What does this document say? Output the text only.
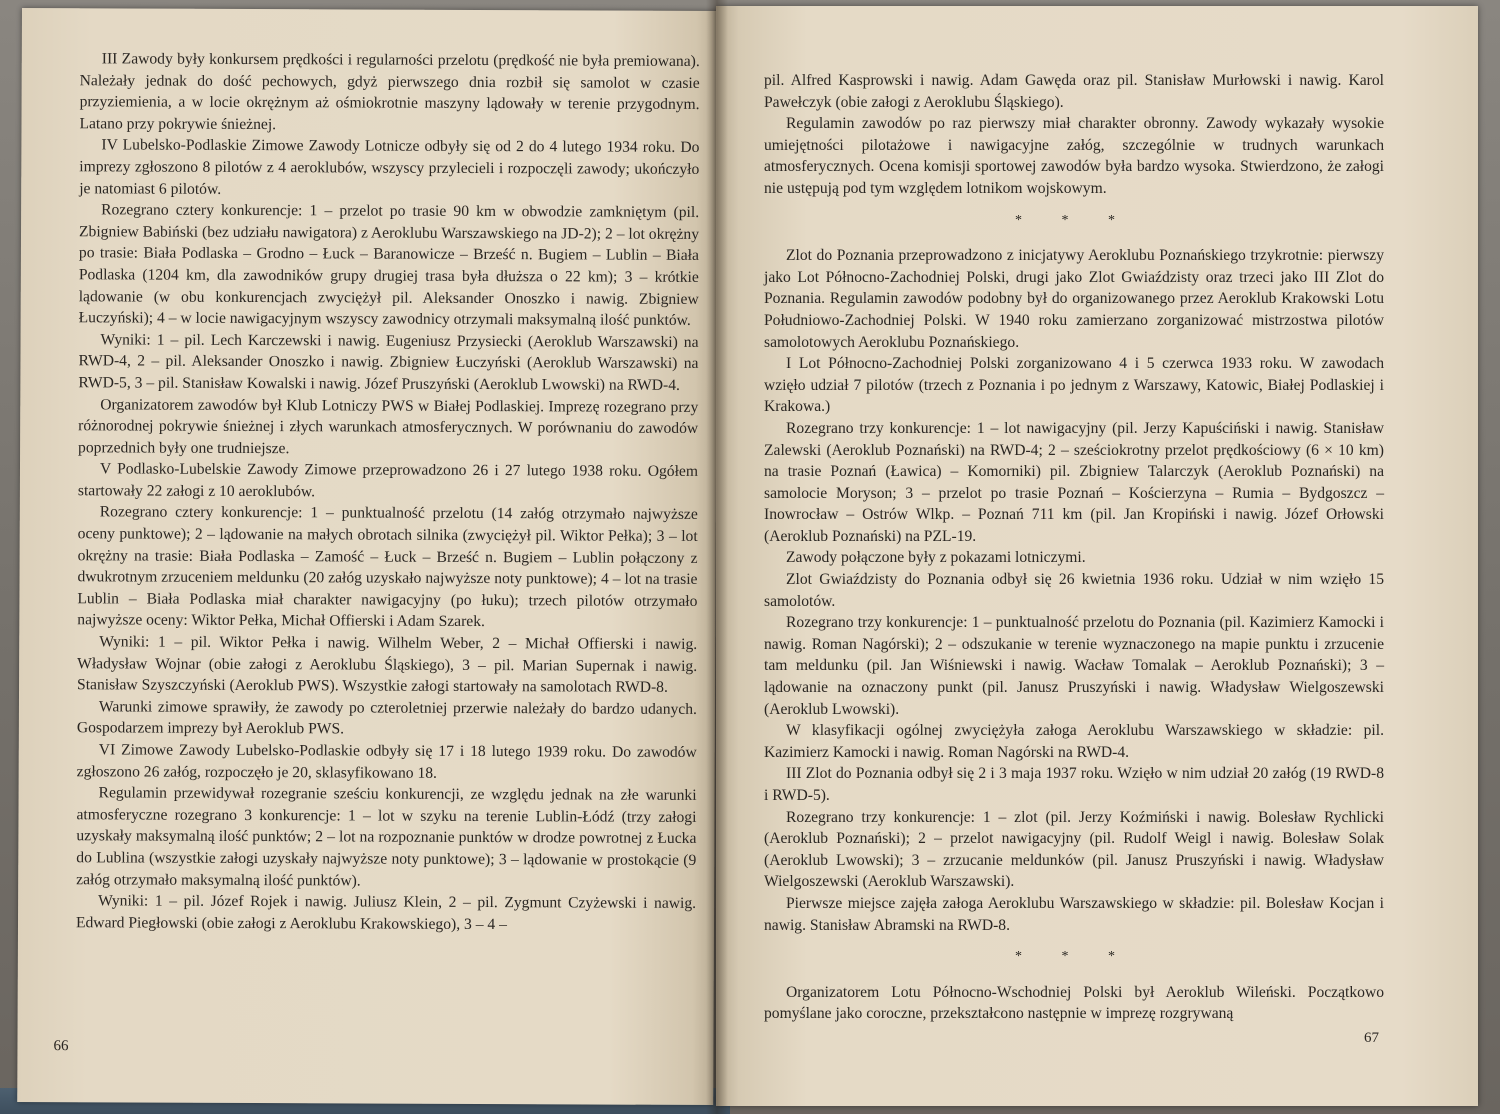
III Zawody były konkursem prędkości i regularności przelotu (prędkość nie była premiowana). Należały jednak do dość pechowych, gdyż pierwszego dnia rozbił się samolot w czasie przyziemienia, a w locie okrężnym aż ośmiokrotnie maszyny lądowały w terenie przygodnym. Latano przy pokrywie śnieżnej.

IV Lubelsko-Podlaskie Zimowe Zawody Lotnicze odbyły się od 2 do 4 lutego 1934 roku. Do imprezy zgłoszono 8 pilotów z 4 aeroklubów, wszyscy przylecieli i rozpoczęli zawody; ukończyło je natomiast 6 pilotów.

Rozegrano cztery konkurencje: 1 – przelot po trasie 90 km w obwodzie zamkniętym (pil. Zbigniew Babiński (bez udziału nawigatora) z Aeroklubu Warszawskiego na JD-2); 2 – lot okrężny po trasie: Biała Podlaska – Grodno – Łuck – Baranowicze – Brześć n. Bugiem – Lublin – Biała Podlaska (1204 km, dla zawodników grupy drugiej trasa była dłuższa o 22 km); 3 – krótkie lądowanie (w obu konkurencjach zwyciężył pil. Aleksander Onoszko i nawig. Zbigniew Łuczyński); 4 – w locie nawigacyjnym wszyscy zawodnicy otrzymali maksymalną ilość punktów.

Wyniki: 1 – pil. Lech Karczewski i nawig. Eugeniusz Przysiecki (Aeroklub Warszawski) na RWD-4, 2 – pil. Aleksander Onoszko i nawig. Zbigniew Łuczyński (Aeroklub Warszawski) na RWD-5, 3 – pil. Stanisław Kowalski i nawig. Józef Pruszyński (Aeroklub Lwowski) na RWD-4.

Organizatorem zawodów był Klub Lotniczy PWS w Białej Podlaskiej. Imprezę rozegrano przy różnorodnej pokrywie śnieżnej i złych warunkach atmosferycznych. W porównaniu do zawodów poprzednich były one trudniejsze.

V Podlasko-Lubelskie Zawody Zimowe przeprowadzono 26 i 27 lutego 1938 roku. Ogółem startowały 22 załogi z 10 aeroklubów.

Rozegrano cztery konkurencje: 1 – punktualność przelotu (14 załóg otrzymało najwyższe oceny punktowe); 2 – lądowanie na małych obrotach silnika (zwyciężył pil. Wiktor Pełka); 3 – lot okrężny na trasie: Biała Podlaska – Zamość – Łuck – Brześć n. Bugiem – Lublin połączony z dwukrotnym zrzuceniem meldunku (20 załóg uzyskało najwyższe noty punktowe); 4 – lot na trasie Lublin – Biała Podlaska miał charakter nawigacyjny (po łuku); trzech pilotów otrzymało najwyższe oceny: Wiktor Pełka, Michał Offierski i Adam Szarek.

Wyniki: 1 – pil. Wiktor Pełka i nawig. Wilhelm Weber, 2 – Michał Offierski i nawig. Władysław Wojnar (obie załogi z Aeroklubu Śląskiego), 3 – pil. Marian Supernak i nawig. Stanisław Szyszczyński (Aeroklub PWS). Wszystkie załogi startowały na samolotach RWD-8.

Warunki zimowe sprawiły, że zawody po czteroletniej przerwie należały do bardzo udanych. Gospodarzem imprezy był Aeroklub PWS.

VI Zimowe Zawody Lubelsko-Podlaskie odbyły się 17 i 18 lutego 1939 roku. Do zawodów zgłoszono 26 załóg, rozpoczęło je 20, sklasyfikowano 18.

Regulamin przewidywał rozegranie sześciu konkurencji, ze względu jednak na złe warunki atmosferyczne rozegrano 3 konkurencje: 1 – lot w szyku na terenie Lublin-Łódź (trzy załogi uzyskały maksymalną ilość punktów; 2 – lot na rozpoznanie punktów w drodze powrotnej z Łucka do Lublina (wszystkie załogi uzyskały najwyższe noty punktowe); 3 – lądowanie w prostokącie (9 załóg otrzymało maksymalną ilość punktów).

Wyniki: 1 – pil. Józef Rojek i nawig. Juliusz Klein, 2 – pil. Zygmunt Czyżewski i nawig. Edward Piegłowski (obie załogi z Aeroklubu Krakowskiego), 3 – 4 –

66

pil. Alfred Kasprowski i nawig. Adam Gawęda oraz pil. Stanisław Murłowski i nawig. Karol Pawełczyk (obie załogi z Aeroklubu Śląskiego).

Regulamin zawodów po raz pierwszy miał charakter obronny. Zawody wykazały wysokie umiejętności pilotażowe i nawigacyjne załóg, szczególnie w trudnych warunkach atmosferycznych. Ocena komisji sportowej zawodów była bardzo wysoka. Stwierdzono, że załogi nie ustępują pod tym względem lotnikom wojskowym.

* * *

Zlot do Poznania przeprowadzono z inicjatywy Aeroklubu Poznańskiego trzykrotnie: pierwszy jako Lot Północno-Zachodniej Polski, drugi jako Zlot Gwiaździsty oraz trzeci jako III Zlot do Poznania. Regulamin zawodów podobny był do organizowanego przez Aeroklub Krakowski Lotu Południowo-Zachodniej Polski. W 1940 roku zamierzano zorganizować mistrzostwa pilotów samolotowych Aeroklubu Poznańskiego.

I Lot Północno-Zachodniej Polski zorganizowano 4 i 5 czerwca 1933 roku. W zawodach wzięło udział 7 pilotów (trzech z Poznania i po jednym z Warszawy, Katowic, Białej Podlaskiej i Krakowa.)

Rozegrano trzy konkurencje: 1 – lot nawigacyjny (pil. Jerzy Kapuściński i nawig. Stanisław Zalewski (Aeroklub Poznański) na RWD-4; 2 – sześciokrotny przelot prędkościowy (6 × 10 km) na trasie Poznań (Ławica) – Komorniki) pil. Zbigniew Talarczyk (Aeroklub Poznański) na samolocie Moryson; 3 – przelot po trasie Poznań – Kościerzyna – Rumia – Bydgoszcz – Inowrocław – Ostrów Wlkp. – Poznań 711 km (pil. Jan Kropiński i nawig. Józef Orłowski (Aeroklub Poznański) na PZL-19.

Zawody połączone były z pokazami lotniczymi.

Zlot Gwiaździsty do Poznania odbył się 26 kwietnia 1936 roku. Udział w nim wzięło 15 samolotów.

Rozegrano trzy konkurencje: 1 – punktualność przelotu do Poznania (pil. Kazimierz Kamocki i nawig. Roman Nagórski); 2 – odszukanie w terenie wyznaczonego na mapie punktu i zrzucenie tam meldunku (pil. Jan Wiśniewski i nawig. Wacław Tomalak – Aeroklub Poznański); 3 – lądowanie na oznaczony punkt (pil. Janusz Pruszyński i nawig. Władysław Wielgoszewski (Aeroklub Lwowski).

W klasyfikacji ogólnej zwyciężyła załoga Aeroklubu Warszawskiego w składzie: pil. Kazimierz Kamocki i nawig. Roman Nagórski na RWD-4.

III Zlot do Poznania odbył się 2 i 3 maja 1937 roku. Wzięło w nim udział 20 załóg (19 RWD-8 i RWD-5).

Rozegrano trzy konkurencje: 1 – zlot (pil. Jerzy Koźmiński i nawig. Bolesław Rychlicki (Aeroklub Poznański); 2 – przelot nawigacyjny (pil. Rudolf Weigl i nawig. Bolesław Solak (Aeroklub Lwowski); 3 – zrzucanie meldunków (pil. Janusz Pruszyński i nawig. Władysław Wielgoszewski (Aeroklub Warszawski).

Pierwsze miejsce zajęła załoga Aeroklubu Warszawskiego w składzie: pil. Bolesław Kocjan i nawig. Stanisław Abramski na RWD-8.

* * *

Organizatorem Lotu Północno-Wschodniej Polski był Aeroklub Wileński. Początkowo pomyślane jako coroczne, przekształcono następnie w imprezę rozgrywaną

67
